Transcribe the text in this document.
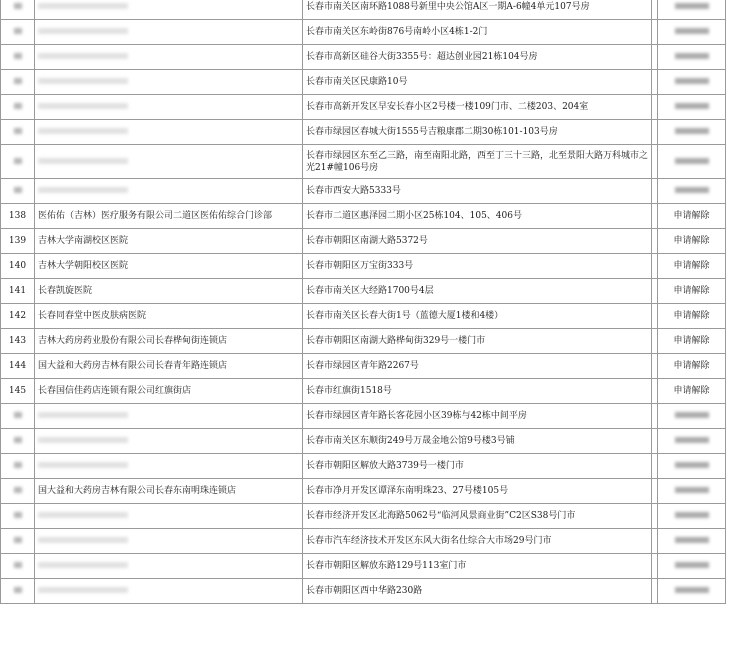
		长春市南关区南环路1088号新里中央公馆A区一期A-6幢4单元107号房		
		长春市南关区东岭街876号南岭小区4栋1-2门		
		长春市高新区硅谷大街3355号：超达创业园21栋104号房		
		长春市南关区民康路10号		
		长春市高新开发区早安长春小区2号楼一楼109门市、二楼203、204室		
		长春市绿园区春城大街1555号吉粮康郡二期30栋101-103号房		
		长春市绿园区东至乙三路，南至南阳北路，西至丁三十三路，北至景阳大路万科城市之光21#幢106号房		
		长春市西安大路5333号		
138	医佑佑（吉林）医疗服务有限公司二道区医佑佑综合门诊部	长春市二道区惠泽园二期小区25栋104、105、406号		申请解除
139	吉林大学南湖校区医院	长春市朝阳区南湖大路5372号		申请解除
140	吉林大学朝阳校区医院	长春市朝阳区万宝街333号		申请解除
141	长春凯旋医院	长春市南关区大经路1700号4层		申请解除
142	长春同春堂中医皮肤病医院	长春市南关区长春大街1号（蓝德大厦1楼和4楼）		申请解除
143	吉林大药房药业股份有限公司长春桦甸街连锁店	长春市朝阳区南湖大路桦甸街329号一楼门市		申请解除
144	国大益和大药房吉林有限公司长春青年路连锁店	长春市绿园区青年路2267号		申请解除
145	长春国信佳药店连锁有限公司红旗街店	长春市红旗街1518号		申请解除
		长春市绿园区青年路长客花园小区39栋与42栋中间平房		
		长春市南关区东顺街249号万晟金地公馆9号楼3号铺		
		长春市朝阳区解放大路3739号一楼门市		
	国大益和大药房吉林有限公司长春东南明珠连锁店	长春市净月开发区谭泽东南明珠23、27号楼105号		
		长春市经济开发区北海路5062号“临河风景商业街”C2区S38号门市		
		长春市汽车经济技术开发区东风大街名仕综合大市场29号门市		
		长春市朝阳区解放东路129号113室门市		
		长春市朝阳区西中华路230路		
